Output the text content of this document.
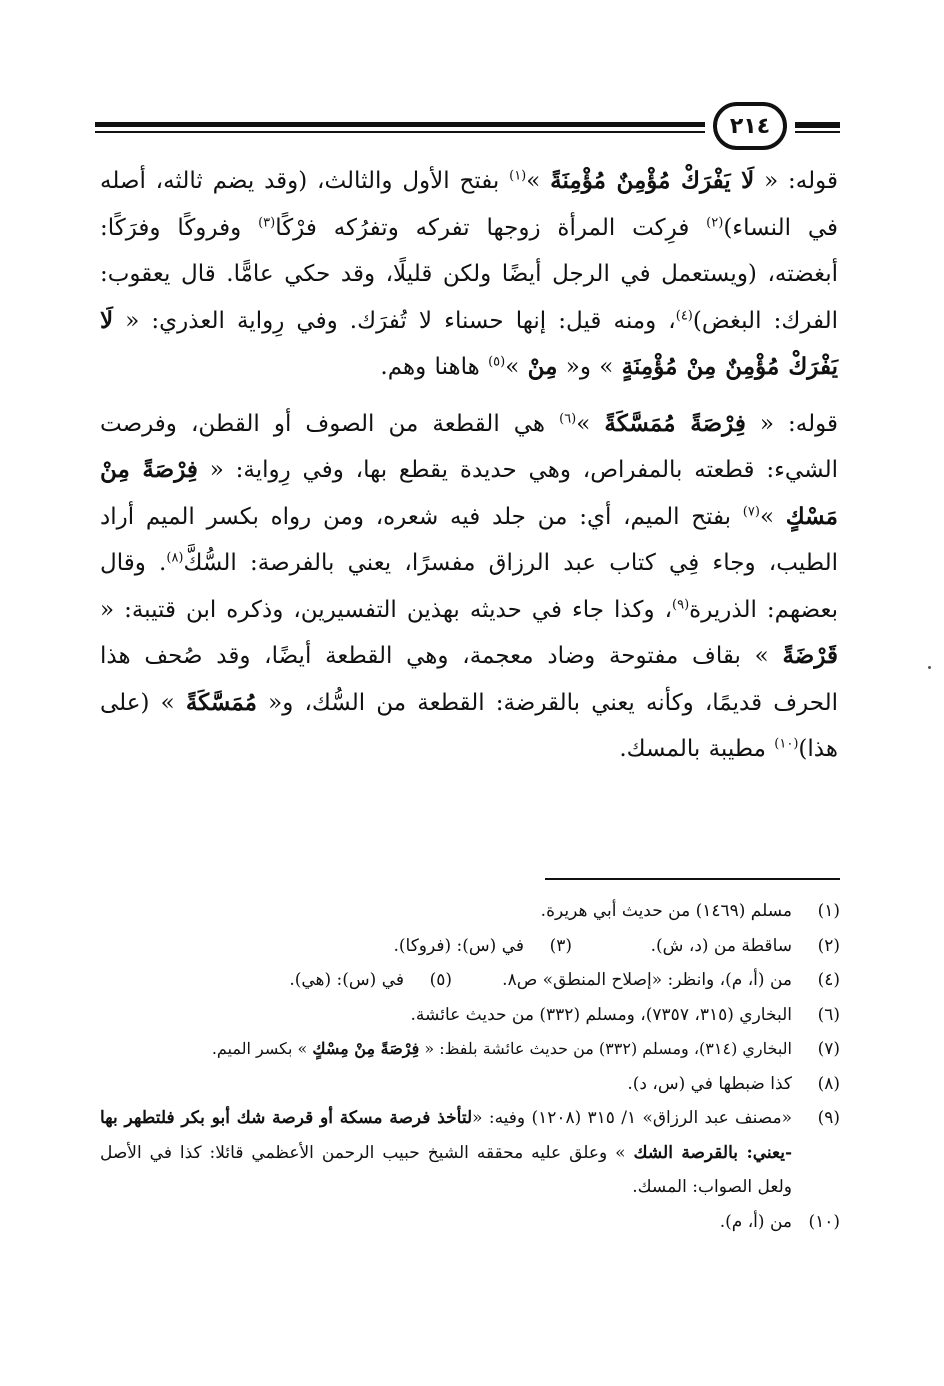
٢١٤

قوله: « لَا يَفْرَكْ مُؤْمِنٌ مُؤْمِنَةً »$^{(١)}$ بفتح الأول والثالث، (وقد يضم ثالثه، أصله في النساء)$^{(٢)}$ فرِكت المرأة زوجها تفركه وتفرُكه فرْكًا$^{(٣)}$ وفروكًا وفرَكًا: أبغضته، (ويستعمل في الرجل أيضًا ولكن قليلًا، وقد حكي عامًّا. قال يعقوب: الفرك: البغض)$^{(٤)}$، ومنه قيل: إنها حسناء لا تُفرَك. وفي رِواية العذري: « لَا يَفْرَكْ مُؤْمِنٌ مِنْ مُؤْمِنَةٍ » و« مِنْ »$^{(٥)}$ هاهنا وهم.

قوله: « فِرْصَةً مُمَسَّكَةً »$^{(٦)}$ هي القطعة من الصوف أو القطن، وفرصت الشيء: قطعته بالمفراص، وهي حديدة يقطع بها، وفي رِواية: « فِرْصَةً مِنْ مَسْكٍ »$^{(٧)}$ بفتح الميم، أي: من جلد فيه شعره، ومن رواه بكسر الميم أراد الطيب، وجاء فِي كتاب عبد الرزاق مفسرًا، يعني بالفرصة: السُّكَّ$^{(٨)}$. وقال بعضهم: الذريرة$^{(٩)}$، وكذا جاء في حديثه بهذين التفسيرين، وذكره ابن قتيبة: « قَرْضَةً » بقاف مفتوحة وضاد معجمة، وهي القطعة أيضًا، وقد صُحف هذا الحرف قديمًا، وكأنه يعني بالقرضة: القطعة من السُّك، و« مُمَسَّكَةً » (على هذا)$^{(١٠)}$ مطيبة بالمسك.

(١)
مسلم (١٤٦٩) من حديث أبي هريرة.
(٢)
ساقطة من (د، ش).
(٣)
في (س): (فروكا).
(٤)
من (أ، م)، وانظر: «إصلاح المنطق» ص٨.
(٥)
في (س): (هي).
(٦)
البخاري (٣١٥، ٧٣٥٧)، ومسلم (٣٣٢) من حديث عائشة.
(٧)
البخاري (٣١٤)، ومسلم (٣٣٢) من حديث عائشة بلفظ: « فِرْصَةً مِنْ مِسْكٍ » بكسر الميم.
(٨)
كذا ضبطها في (س، د).
(٩)
«مصنف عبد الرزاق» ١/ ٣١٥ (١٢٠٨) وفيه: «لتأخذ فرصة مسكة أو قرصة شك أبو بكر فلتطهر بها -يعني: بالقرصة الشك » وعلق عليه محققه الشيخ حبيب الرحمن الأعظمي قائلا: كذا في الأصل ولعل الصواب: المسك.
(١٠)
من (أ، م).
